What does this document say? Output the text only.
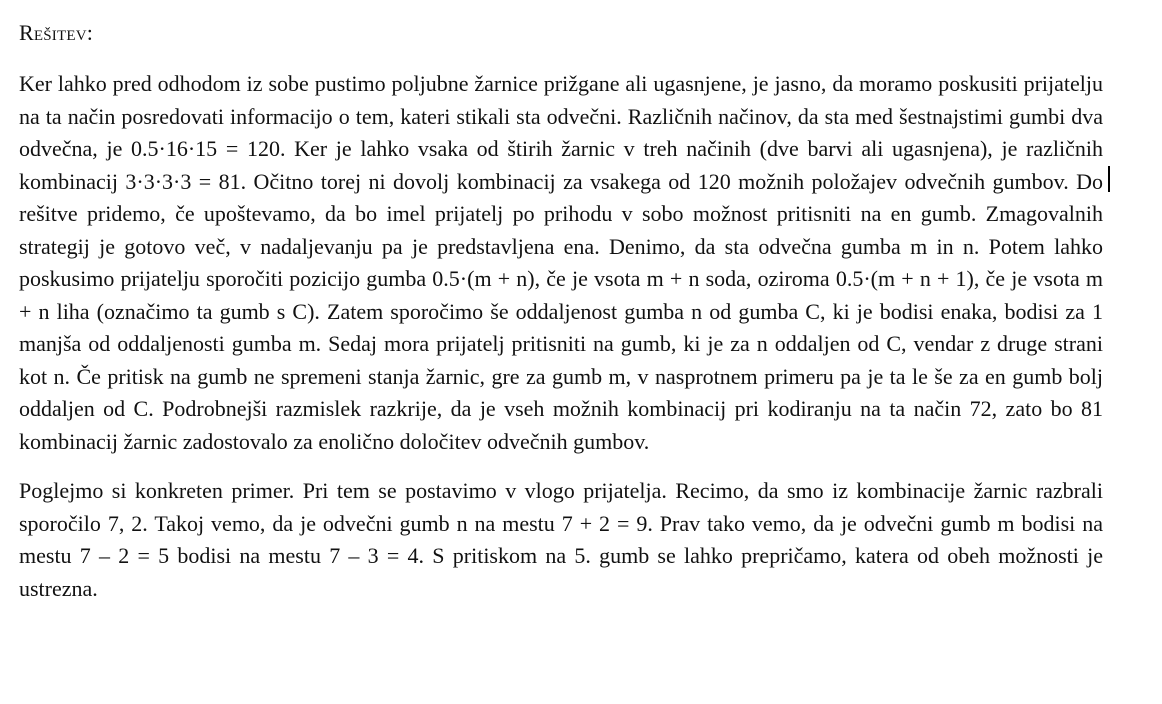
Rešitev:

Ker lahko pred odhodom iz sobe pustimo poljubne žarnice prižgane ali ugasnjene, je jasno, da moramo poskusiti prijatelju na ta način posredovati informacijo o tem, kateri stikali sta odvečni. Različnih načinov, da sta med šestnajstimi gumbi dva odvečna, je 0.5·16·15 = 120. Ker je lahko vsaka od štirih žarnic v treh načinih (dve barvi ali ugasnjena), je različnih kombinacij 3·3·3·3 = 81. Očitno torej ni dovolj kombinacij za vsakega od 120 možnih položajev odvečnih gumbov. Do rešitve pridemo, če upoštevamo, da bo imel prijatelj po prihodu v sobo možnost pritisniti na en gumb. Zmagovalnih strategij je gotovo več, v nadaljevanju pa je predstavljena ena. Denimo, da sta odvečna gumba m in n. Potem lahko poskusimo prijatelju sporočiti pozicijo gumba 0.5·(m + n), če je vsota m + n soda, oziroma 0.5·(m + n + 1), če je vsota m + n liha (označimo ta gumb s C). Zatem sporočimo še oddaljenost gumba n od gumba C, ki je bodisi enaka, bodisi za 1 manjša od oddaljenosti gumba m. Sedaj mora prijatelj pritisniti na gumb, ki je za n oddaljen od C, vendar z druge strani kot n. Če pritisk na gumb ne spremeni stanja žarnic, gre za gumb m, v nasprotnem primeru pa je ta le še za en gumb bolj oddaljen od C. Podrobnejši razmislek razkrije, da je vseh možnih kombinacij pri kodiranju na ta način 72, zato bo 81 kombinacij žarnic zadostovalo za enolično določitev odvečnih gumbov.

Poglejmo si konkreten primer. Pri tem se postavimo v vlogo prijatelja. Recimo, da smo iz kombinacije žarnic razbrali sporočilo 7, 2. Takoj vemo, da je odvečni gumb n na mestu 7 + 2 = 9. Prav tako vemo, da je odvečni gumb m bodisi na mestu 7 – 2 = 5 bodisi na mestu 7 – 3 = 4. S pritiskom na 5. gumb se lahko prepričamo, katera od obeh možnosti je ustrezna.
